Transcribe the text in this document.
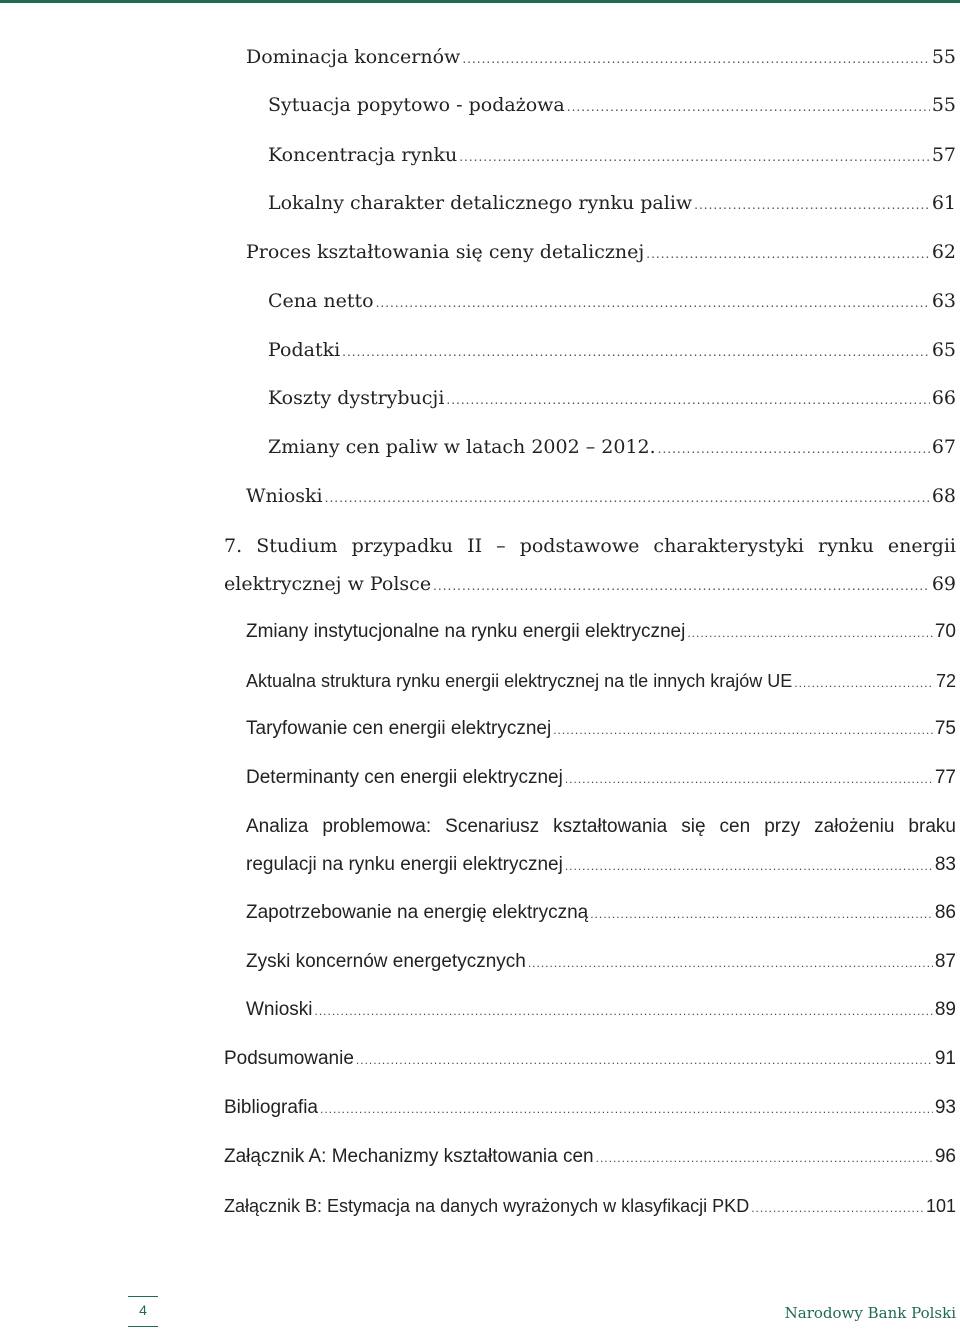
Dominacja koncernów .....	55
Sytuacja popytowo - podażowa .....	55
Koncentracja rynku .....	57
Lokalny charakter detalicznego rynku paliw .....	61
Proces kształtowania się ceny detalicznej .....	62
Cena netto .....	63
Podatki .....	65
Koszty dystrybucji .....	66
Zmiany cen paliw w latach 2002 – 2012. .....	67
Wnioski .....	68
7. Studium przypadku II – podstawowe charakterystyki rynku energii
elektrycznej w Polsce .....	69
Zmiany instytucjonalne na rynku energii elektrycznej .....	70
Aktualna struktura rynku energii elektrycznej na tle innych krajów UE .....	72
Taryfowanie cen energii elektrycznej .....	75
Determinanty cen energii elektrycznej .....	77
Analiza problemowa: Scenariusz kształtowania się cen przy założeniu braku
regulacji na rynku energii elektrycznej .....	83
Zapotrzebowanie na energię elektryczną .....	86
Zyski koncernów energetycznych .....	87
Wnioski .....	89
Podsumowanie .....	91
Bibliografia .....	93
Załącznik A: Mechanizmy kształtowania cen .....	96
Załącznik B: Estymacja na danych wyrażonych w klasyfikacji PKD .....	101
4	Narodowy Bank Polski
